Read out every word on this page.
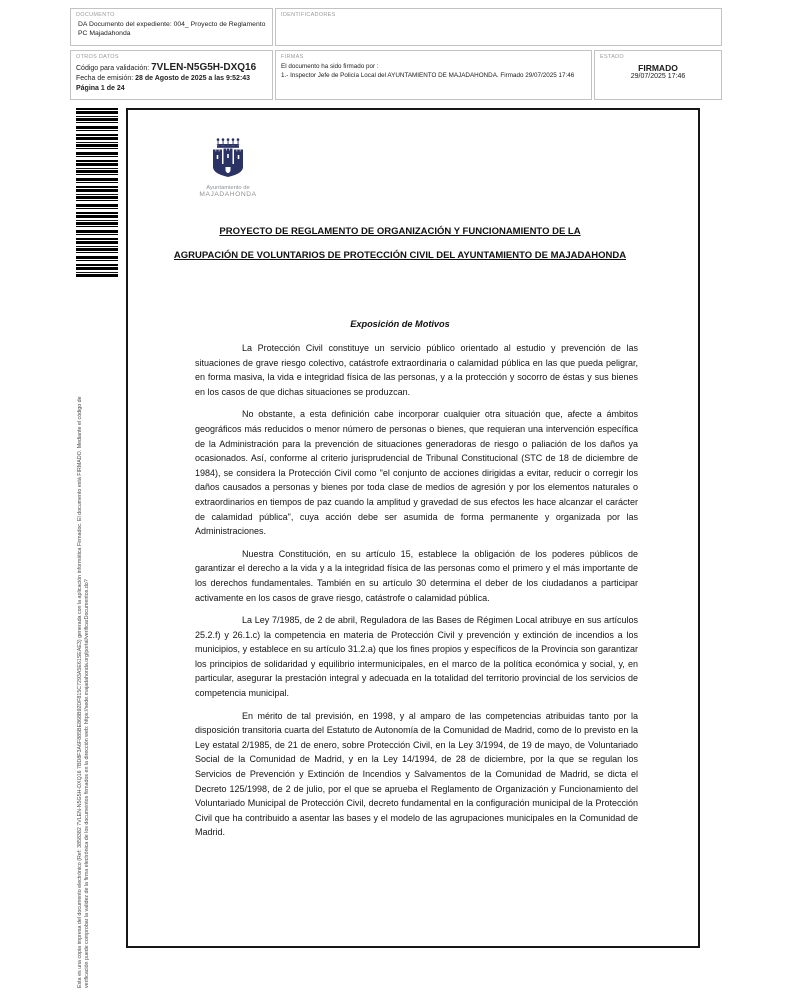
DOCUMENTO
DA Documento del expediente: 004_ Proyecto de Reglamento PC Majadahonda
IDENTIFICADORES
OTROS DATOS
Código para validación: 7VLEN-N5G5H-DXQ16
Fecha de emisión: 28 de Agosto de 2025 a las 9:52:43
Página 1 de 24
FIRMAS
El documento ha sido firmado por :
1.- Inspector Jefe de Policía Local del AYUNTAMIENTO DE MAJADAHONDA. Firmado 29/07/2025 17:46
ESTADO
FIRMADO
29/07/2025 17:46
Esta es una copia impresa del documento electrónico (Ref: 3858382 7VLEN-N5G5H-DXQ16 7BD8F3A6F885BE868B92DF815C7293A5E61SEAE3) generada con la aplicación informática Firmadoc. El documento está FIRMADO. Mediante el código de verificación puede comprobar la validez de la firma electrónica de los documentos firmados en la dirección web: https://sede.majadahonda.org/portal/verificarDocumentos.do?
Ayuntamiento de
MAJADAHONDA
PROYECTO DE REGLAMENTO DE ORGANIZACIÓN Y FUNCIONAMIENTO DE LA
AGRUPACIÓN DE VOLUNTARIOS DE PROTECCIÓN CIVIL DEL AYUNTAMIENTO DE MAJADAHONDA
Exposición de Motivos

La Protección Civil constituye un servicio público orientado al estudio y prevención de las situaciones de grave riesgo colectivo, catástrofe extraordinaria o calamidad pública en las que pueda peligrar, en forma masiva, la vida e integridad física de las personas, y a la protección y socorro de éstas y sus bienes en los casos de que dichas situaciones se produzcan.

No obstante, a esta definición cabe incorporar cualquier otra situación que, afecte a ámbitos geográficos más reducidos o menor número de personas o bienes, que requieran una intervención específica de la Administración para la prevención de situaciones generadoras de riesgo o paliación de los daños ya ocasionados. Así, conforme al criterio jurisprudencial de Tribunal Constitucional (STC de 18 de diciembre de 1984), se considera la Protección Civil como "el conjunto de acciones dirigidas a evitar, reducir o corregir los daños causados a personas y bienes por toda clase de medios de agresión y por los elementos naturales o extraordinarios en tiempos de paz cuando la amplitud y gravedad de sus efectos les hace alcanzar el carácter de calamidad pública", cuya acción debe ser asumida de forma permanente y organizada por las Administraciones.

Nuestra Constitución, en su artículo 15, establece la obligación de los poderes públicos de garantizar el derecho a la vida y a la integridad física de las personas como el primero y el más importante de los derechos fundamentales. También en su artículo 30 determina el deber de los ciudadanos a participar activamente en los casos de grave riesgo, catástrofe o calamidad pública.

La Ley 7/1985, de 2 de abril, Reguladora de las Bases de Régimen Local atribuye en sus artículos 25.2.f) y 26.1.c) la competencia en materia de Protección Civil y prevención y extinción de incendios a los municipios, y establece en su artículo 31.2.a) que los fines propios y específicos de la Provincia son garantizar los principios de solidaridad y equilibrio intermunicipales, en el marco de la política económica y social, y, en particular, asegurar la prestación integral y adecuada en la totalidad del territorio provincial de los servicios de competencia municipal.

En mérito de tal previsión, en 1998, y al amparo de las competencias atribuidas tanto por la disposición transitoria cuarta del Estatuto de Autonomía de la Comunidad de Madrid, como de lo previsto en la Ley estatal 2/1985, de 21 de enero, sobre Protección Civil, en la Ley 3/1994, de 19 de mayo, de Voluntariado Social de la Comunidad de Madrid, y en la Ley 14/1994, de 28 de diciembre, por la que se regulan los Servicios de Prevención y Extinción de Incendios y Salvamentos de la Comunidad de Madrid, se dicta el Decreto 125/1998, de 2 de julio, por el que se aprueba el Reglamento de Organización y Funcionamiento del Voluntariado Municipal de Protección Civil, decreto fundamental en la configuración municipal de la Protección Civil que ha contribuido a asentar las bases y el modelo de las agrupaciones municipales en la Comunidad de Madrid.
